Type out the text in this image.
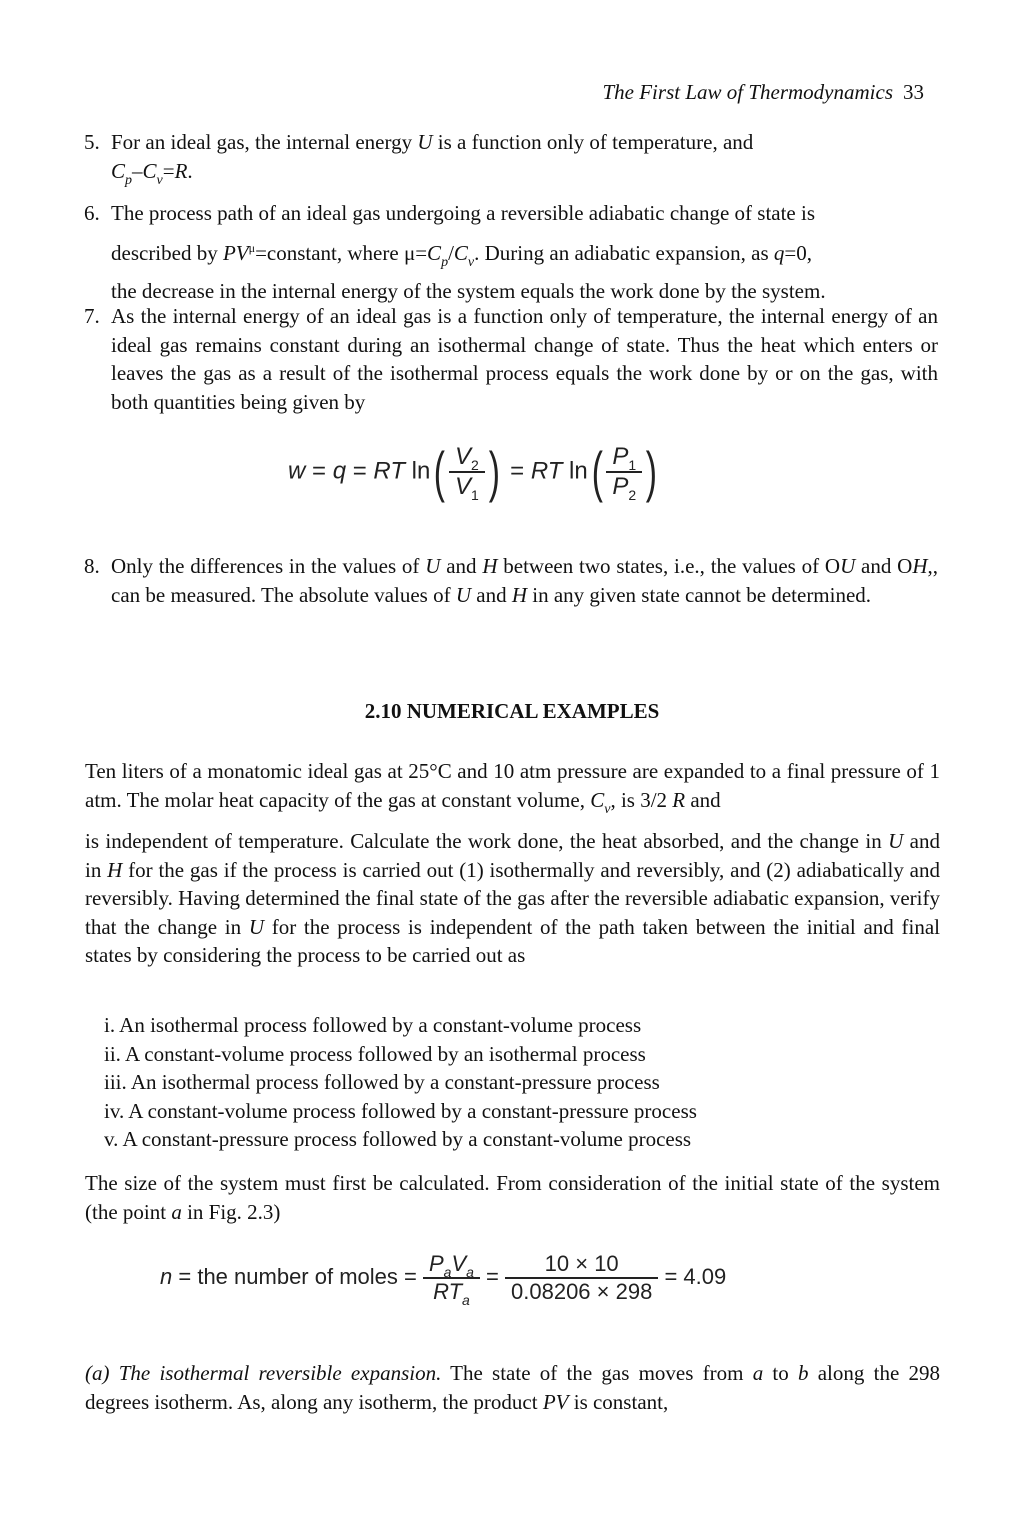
The First Law of Thermodynamics 33
5. For an ideal gas, the internal energy U is a function only of temperature, and
$C_p-C_v=R$.
6. The process path of an ideal gas undergoing a reversible adiabatic change of state is
described by $PV^\mu=constant$, where $\mu=C_p/C_v$. During an adiabatic expansion, as q=0,
the decrease in the internal energy of the system equals the work done by the system.
7. As the internal energy of an ideal gas is a function only of temperature, the internal energy of an ideal gas remains constant during an isothermal change of state. Thus the heat which enters or leaves the gas as a result of the isothermal process equals the work done by or on the gas, with both quantities being given by
w = q = RT $\ln( \frac{V_2}{V_1}$ ) = RT $\ln( \frac{P_1}{P_2}$ )
8. Only the differences in the values of U and H between two states, i.e., the values of OU and OH,, can be measured. The absolute values of U and H in any given state cannot be determined.
2.10 NUMERICAL EXAMPLES
Ten liters of a monatomic ideal gas at 25°C and 10 atm pressure are expanded to a final pressure of 1 atm. The molar heat capacity of the gas at constant volume, $C_v$, is 3/2 R and
is independent of temperature. Calculate the work done, the heat absorbed, and the change in U and in H for the gas if the process is carried out (1) isothermally and reversibly, and (2) adiabatically and reversibly. Having determined the final state of the gas after the reversible adiabatic expansion, verify that the change in U for the process is independent of the path taken between the initial and final states by considering the process to be carried out as
i. An isothermal process followed by a constant-volume process
ii. A constant-volume process followed by an isothermal process
iii. An isothermal process followed by a constant-pressure process
iv. A constant-volume process followed by a constant-pressure process
v. A constant-pressure process followed by a constant-volume process
The size of the system must first be calculated. From consideration of the initial state of the system (the point a in Fig. 2.3)
n = the number of moles = $\frac{P_aV_a}{RT_a} = \frac{10 \times 10}{0.08206 \times 298} = 4.09$
(a) The isothermal reversible expansion. The state of the gas moves from a to b along the 298 degrees isotherm. As, along any isotherm, the product PV is constant,
